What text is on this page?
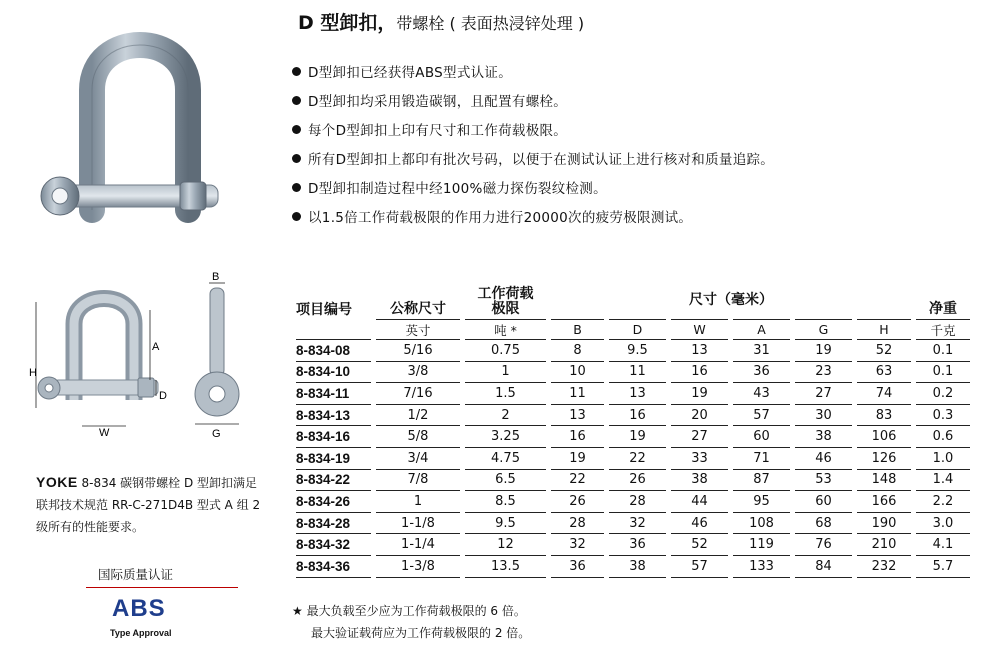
D 型卸扣，带螺栓 ( 表面热浸锌处理 )
D型卸扣已经获得ABS型式认证。
D型卸扣均采用锻造碳钢，且配置有螺栓。
每个D型卸扣上印有尺寸和工作荷载极限。
所有D型卸扣上都印有批次号码，以便于在测试认证上进行核对和质量追踪。
D型卸扣制造过程中经100%磁力探伤裂纹检测。
以1.5倍工作荷载极限的作用力进行20000次的疲劳极限测试。
H
A
D
W
B
G
项目编号		公称尺寸		工作荷载
极限		尺寸（毫米）												净重
		英寸		吨 *		B		D		W		A		G		H		千克
8-834-08		5/16		0.75		8		9.5		13		31		19		52		0.1
8-834-10		3/8		1		10		11		16		36		23		63		0.1
8-834-11		7/16		1.5		11		13		19		43		27		74		0.2
8-834-13		1/2		2		13		16		20		57		30		83		0.3
8-834-16		5/8		3.25		16		19		27		60		38		106		0.6
8-834-19		3/4		4.75		19		22		33		71		46		126		1.0
8-834-22		7/8		6.5		22		26		38		87		53		148		1.4
8-834-26		1		8.5		26		28		44		95		60		166		2.2
8-834-28		1-1/8		9.5		28		32		46		108		68		190		3.0
8-834-32		1-1/4		12		32		36		52		119		76		210		4.1
8-834-36		1-3/8		13.5		36		38		57		133		84		232		5.7
★ 最大负载至少应为工作荷载极限的 6 倍。
最大验证载荷应为工作荷载极限的 2 倍。
YOKE 8-834 碳钢带螺栓 D 型卸扣满足联邦技术规范 RR-C-271D4B 型式 A 组 2 级所有的性能要求。
国际质量认证
ABS
Type Approval
